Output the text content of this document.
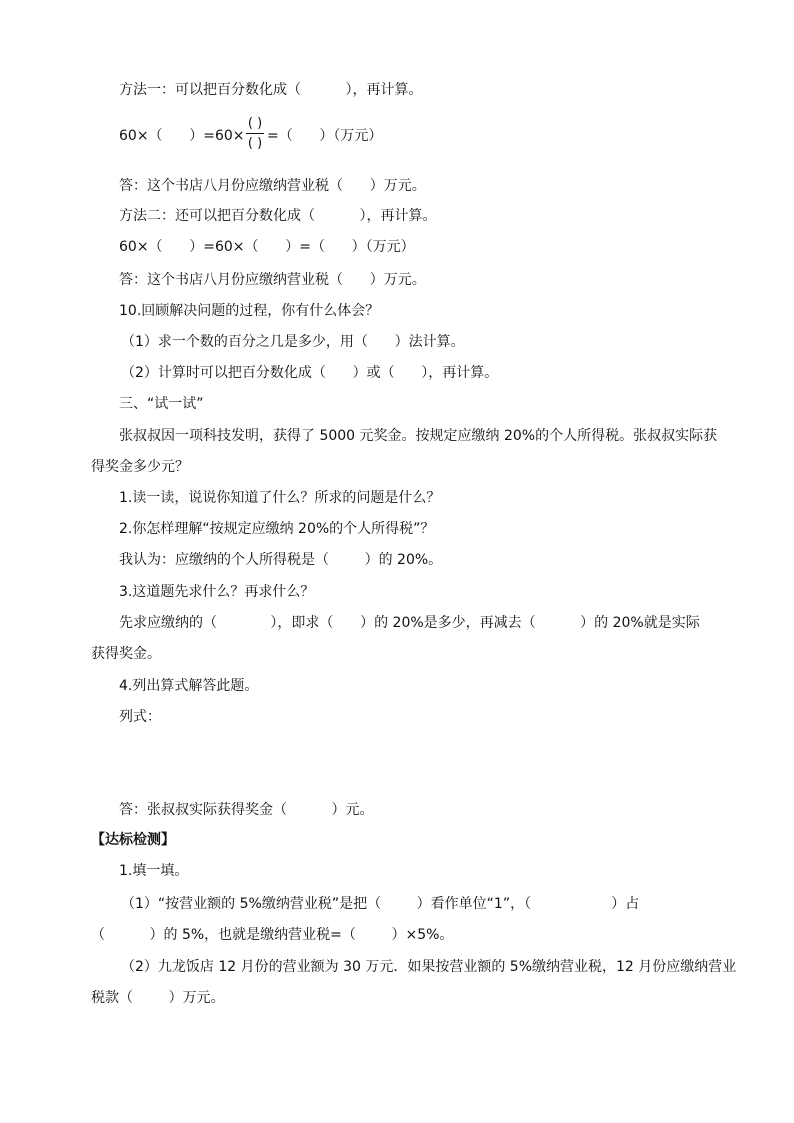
方法一：可以把百分数化成（          ），再计算。
60×（      ）=60×
( )
( ) =（      ）（万元）
答：这个书店八月份应缴纳营业税（      ）万元。
方法二：还可以把百分数化成（          ），再计算。
60×（      ）=60×（      ）=（      ）（万元）
答：这个书店八月份应缴纳营业税（      ）万元。
10.回顾解决问题的过程，你有什么体会？
（1）求一个数的百分之几是多少，用（      ）法计算。
（2）计算时可以把百分数化成（      ）或（      ），再计算。
三、“试一试”
张叔叔因一项科技发明，获得了 5000 元奖金。按规定应缴纳 20%的个人所得税。张叔叔实际获
得奖金多少元？
1.读一读，说说你知道了什么？所求的问题是什么？
2.你怎样理解“按规定应缴纳 20%的个人所得税”？
我认为：应缴纳的个人所得税是（        ）的 20%。
3.这道题先求什么？再求什么？
先求应缴纳的（            ），即求（      ）的 20%是多少，再减去（          ）的 20%就是实际
获得奖金。
4.列出算式解答此题。
列式：
答：张叔叔实际获得奖金（          ）元。
【达标检测】
1.填一填。
（1）“按营业额的 5%缴纳营业税”是把（        ）看作单位“1”，（                  ）占
（          ）的 5%，也就是缴纳营业税=（        ）×5%。
（2）九龙饭店 12 月份的营业额为 30 万元．如果按营业额的 5%缴纳营业税，12 月份应缴纳营业
税款（        ）万元。
